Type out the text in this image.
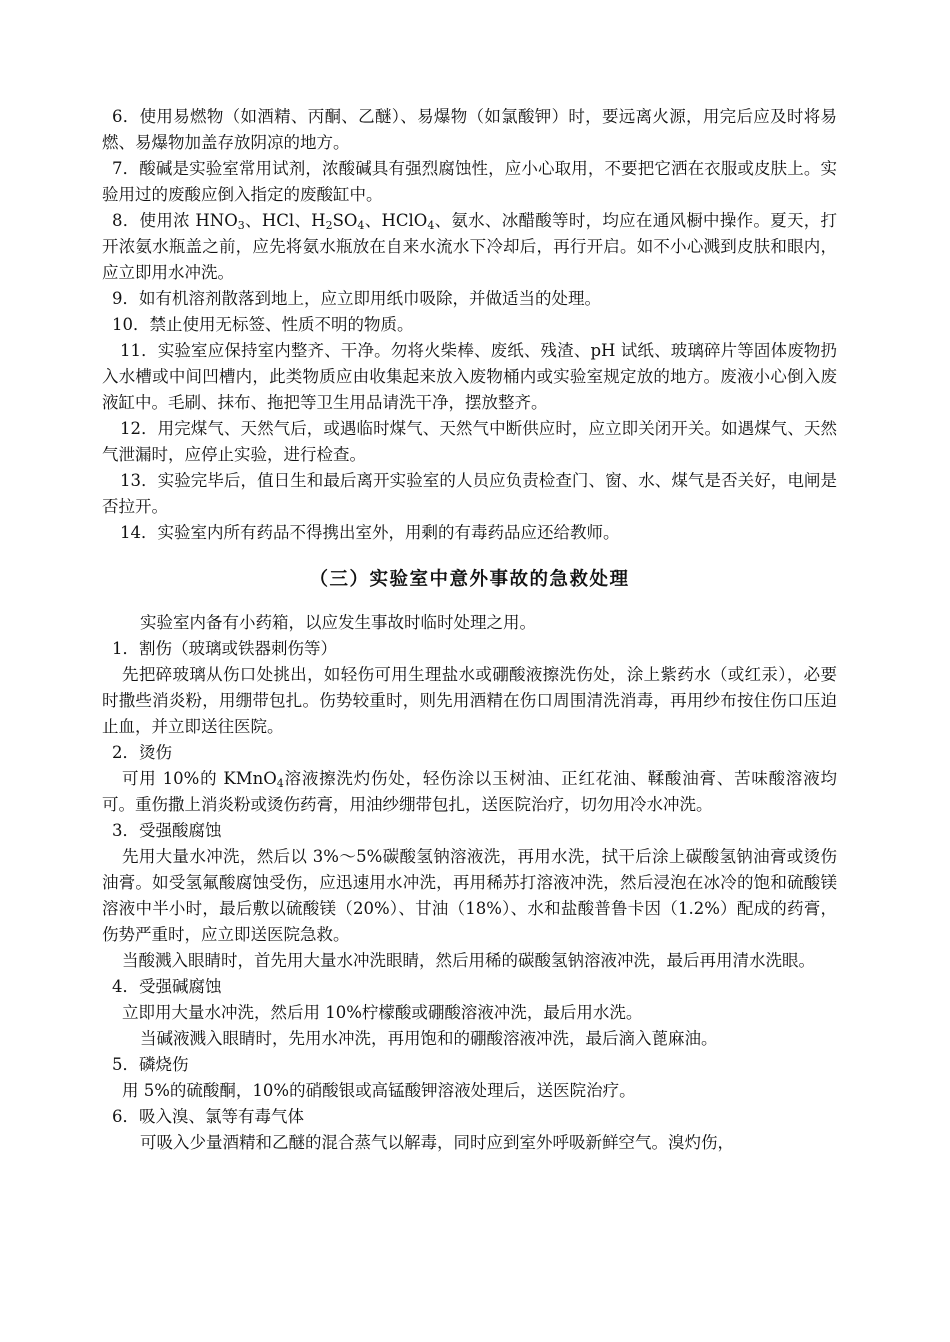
6．使用易燃物（如酒精、丙酮、乙醚）、易爆物（如氯酸钾）时，要远离火源，用完后应及时将易燃、易爆物加盖存放阴凉的地方。

7．酸碱是实验室常用试剂，浓酸碱具有强烈腐蚀性，应小心取用，不要把它洒在衣服或皮肤上。实验用过的废酸应倒入指定的废酸缸中。

8．使用浓 $HNO_3$、HCl、$H_2SO_4$、HClO$_4$、氨水、冰醋酸等时，均应在通风橱中操作。夏天，打开浓氨水瓶盖之前，应先将氨水瓶放在自来水流水下冷却后，再行开启。如不小心溅到皮肤和眼内，应立即用水冲洗。

9．如有机溶剂散落到地上，应立即用纸巾吸除，并做适当的处理。

10．禁止使用无标签、性质不明的物质。

11．实验室应保持室内整齐、干净。勿将火柴棒、废纸、残渣、pH 试纸、玻璃碎片等固体废物扔入水槽或中间凹槽内，此类物质应由收集起来放入废物桶内或实验室规定放的地方。废液小心倒入废液缸中。毛刷、抹布、拖把等卫生用品请洗干净，摆放整齐。

12．用完煤气、天然气后，或遇临时煤气、天然气中断供应时，应立即关闭开关。如遇煤气、天然气泄漏时，应停止实验，进行检查。

13．实验完毕后，值日生和最后离开实验室的人员应负责检查门、窗、水、煤气是否关好，电闸是否拉开。

14．实验室内所有药品不得携出室外，用剩的有毒药品应还给教师。

（三）实验室中意外事故的急救处理

实验室内备有小药箱，以应发生事故时临时处理之用。

1．割伤（玻璃或铁器刺伤等）

先把碎玻璃从伤口处挑出，如轻伤可用生理盐水或硼酸液擦洗伤处，涂上紫药水（或红汞），必要时撒些消炎粉，用绷带包扎。伤势较重时，则先用酒精在伤口周围清洗消毒，再用纱布按住伤口压迫止血，并立即送往医院。

2．烫伤

可用 10%的 KMnO$_4$溶液擦洗灼伤处，轻伤涂以玉树油、正红花油、鞣酸油膏、苦味酸溶液均可。重伤撒上消炎粉或烫伤药膏，用油纱绷带包扎，送医院治疗，切勿用冷水冲洗。

3．受强酸腐蚀

先用大量水冲洗，然后以 3%～5%碳酸氢钠溶液洗，再用水洗，拭干后涂上碳酸氢钠油膏或烫伤油膏。如受氢氟酸腐蚀受伤，应迅速用水冲洗，再用稀苏打溶液冲洗，然后浸泡在冰冷的饱和硫酸镁溶液中半小时，最后敷以硫酸镁（20%）、甘油（18%）、水和盐酸普鲁卡因（1.2%）配成的药膏，伤势严重时，应立即送医院急救。

当酸溅入眼睛时，首先用大量水冲洗眼睛，然后用稀的碳酸氢钠溶液冲洗，最后再用清水洗眼。

4．受强碱腐蚀

立即用大量水冲洗，然后用 10%柠檬酸或硼酸溶液冲洗，最后用水洗。

当碱液溅入眼睛时，先用水冲洗，再用饱和的硼酸溶液冲洗，最后滴入蓖麻油。

5．磷烧伤

用 5%的硫酸酮，10%的硝酸银或高锰酸钾溶液处理后，送医院治疗。

6．吸入溴、氯等有毒气体

可吸入少量酒精和乙醚的混合蒸气以解毒，同时应到室外呼吸新鲜空气。溴灼伤，
